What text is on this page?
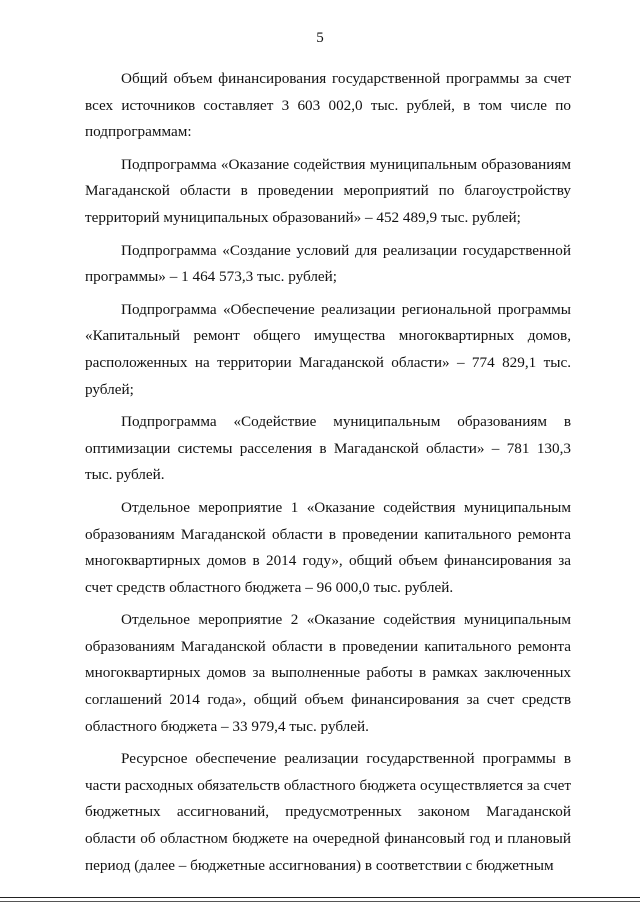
5

Общий объем финансирования государственной программы за счет всех источников составляет 3 603 002,0 тыс. рублей, в том числе по подпрограммам:

Подпрограмма «Оказание содействия муниципальным образованиям Магаданской области в проведении мероприятий по благоустройству территорий муниципальных образований» – 452 489,9 тыс. рублей;

Подпрограмма «Создание условий для реализации государственной программы» – 1 464 573,3 тыс. рублей;

Подпрограмма «Обеспечение реализации региональной программы «Капитальный ремонт общего имущества многоквартирных домов, расположенных на территории Магаданской области» – 774 829,1 тыс. рублей;

Подпрограмма «Содействие муниципальным образованиям в оптимизации системы расселения в Магаданской области» – 781 130,3 тыс. рублей.

Отдельное мероприятие 1 «Оказание содействия муниципальным образованиям Магаданской области в проведении капитального ремонта многоквартирных домов в 2014 году», общий объем финансирования за счет средств областного бюджета – 96 000,0 тыс. рублей.

Отдельное мероприятие 2 «Оказание содействия муниципальным образованиям Магаданской области в проведении капитального ремонта многоквартирных домов за выполненные работы в рамках заключенных соглашений 2014 года», общий объем финансирования за счет средств областного бюджета – 33 979,4 тыс. рублей.

Ресурсное обеспечение реализации государственной программы в части расходных обязательств областного бюджета осуществляется за счет бюджетных ассигнований, предусмотренных законом Магаданской области об областном бюджете на очередной финансовый год и плановый период (далее – бюджетные ассигнования) в соответствии с бюджетным
